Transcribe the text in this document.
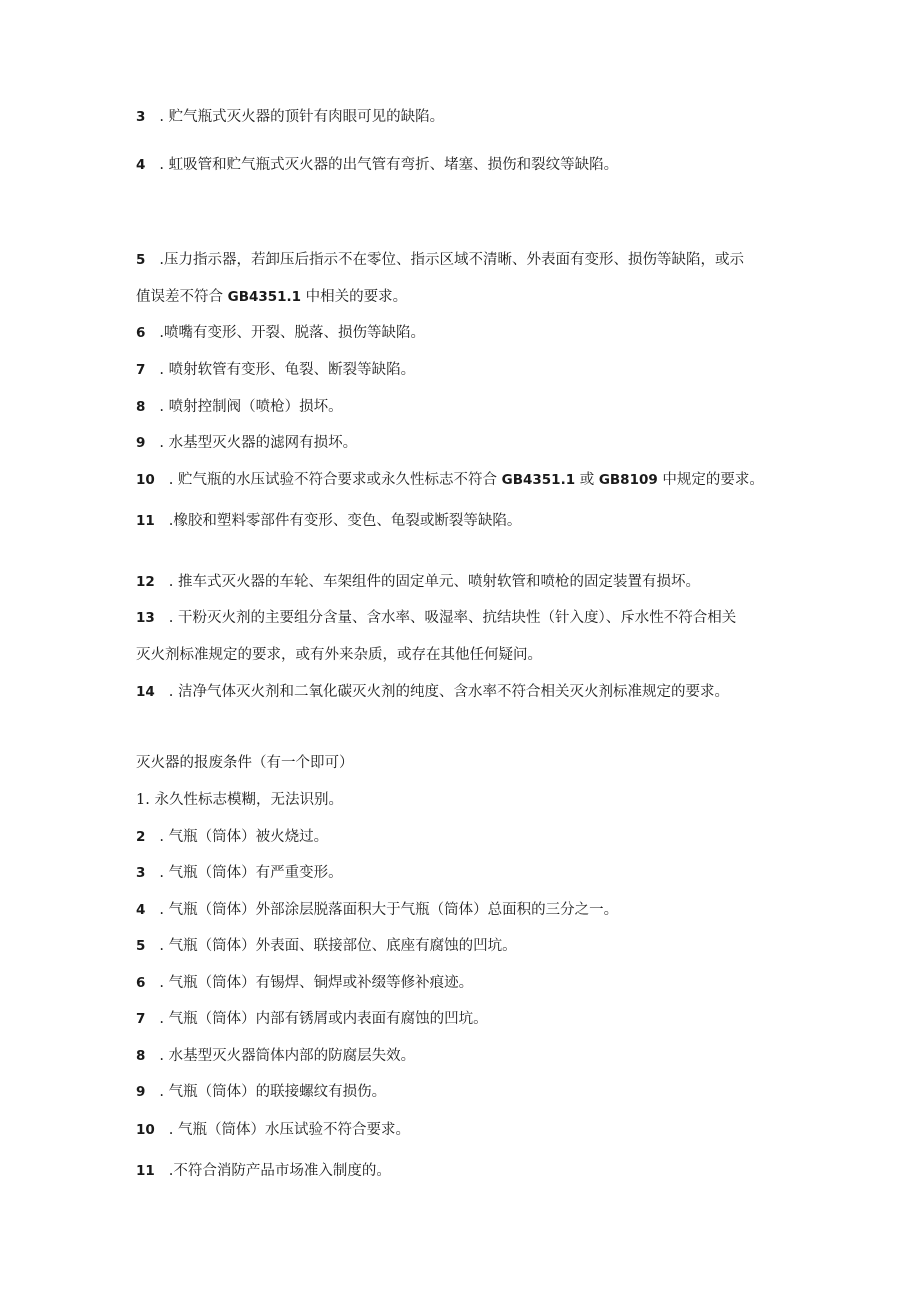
3 . 贮气瓶式灭火器的顶针有肉眼可见的缺陷。
4 . 虹吸管和贮气瓶式灭火器的出气管有弯折、堵塞、损伤和裂纹等缺陷。
5 .压力指示器，若卸压后指示不在零位、指示区域不清晰、外表面有变形、损伤等缺陷，或示
值误差不符合 GB4351.1 中相关的要求。
6 .喷嘴有变形、开裂、脱落、损伤等缺陷。
7 . 喷射软管有变形、龟裂、断裂等缺陷。
8 . 喷射控制阀（喷枪）损坏。
9 . 水基型灭火器的滤网有损坏。
10 . 贮气瓶的水压试验不符合要求或永久性标志不符合 GB4351.1 或 GB8109 中规定的要求。
11 .橡胶和塑料零部件有变形、变色、龟裂或断裂等缺陷。
12 . 推车式灭火器的车轮、车架组件的固定单元、喷射软管和喷枪的固定装置有损坏。
13 . 干粉灭火剂的主要组分含量、含水率、吸湿率、抗结块性（针入度）、斥水性不符合相关
灭火剂标准规定的要求，或有外来杂质，或存在其他任何疑问。
14 . 洁净气体灭火剂和二氧化碳灭火剂的纯度、含水率不符合相关灭火剂标准规定的要求。
灭火器的报废条件（有一个即可）
1. 永久性标志模糊，无法识别。
2 . 气瓶（筒体）被火烧过。
3 . 气瓶（筒体）有严重变形。
4 . 气瓶（筒体）外部涂层脱落面积大于气瓶（筒体）总面积的三分之一。
5 . 气瓶（筒体）外表面、联接部位、底座有腐蚀的凹坑。
6 . 气瓶（筒体）有锡焊、铜焊或补缀等修补痕迹。
7 . 气瓶（筒体）内部有锈屑或内表面有腐蚀的凹坑。
8 . 水基型灭火器筒体内部的防腐层失效。
9 . 气瓶（筒体）的联接螺纹有损伤。
10 . 气瓶（筒体）水压试验不符合要求。
11 .不符合消防产品市场准入制度的。
